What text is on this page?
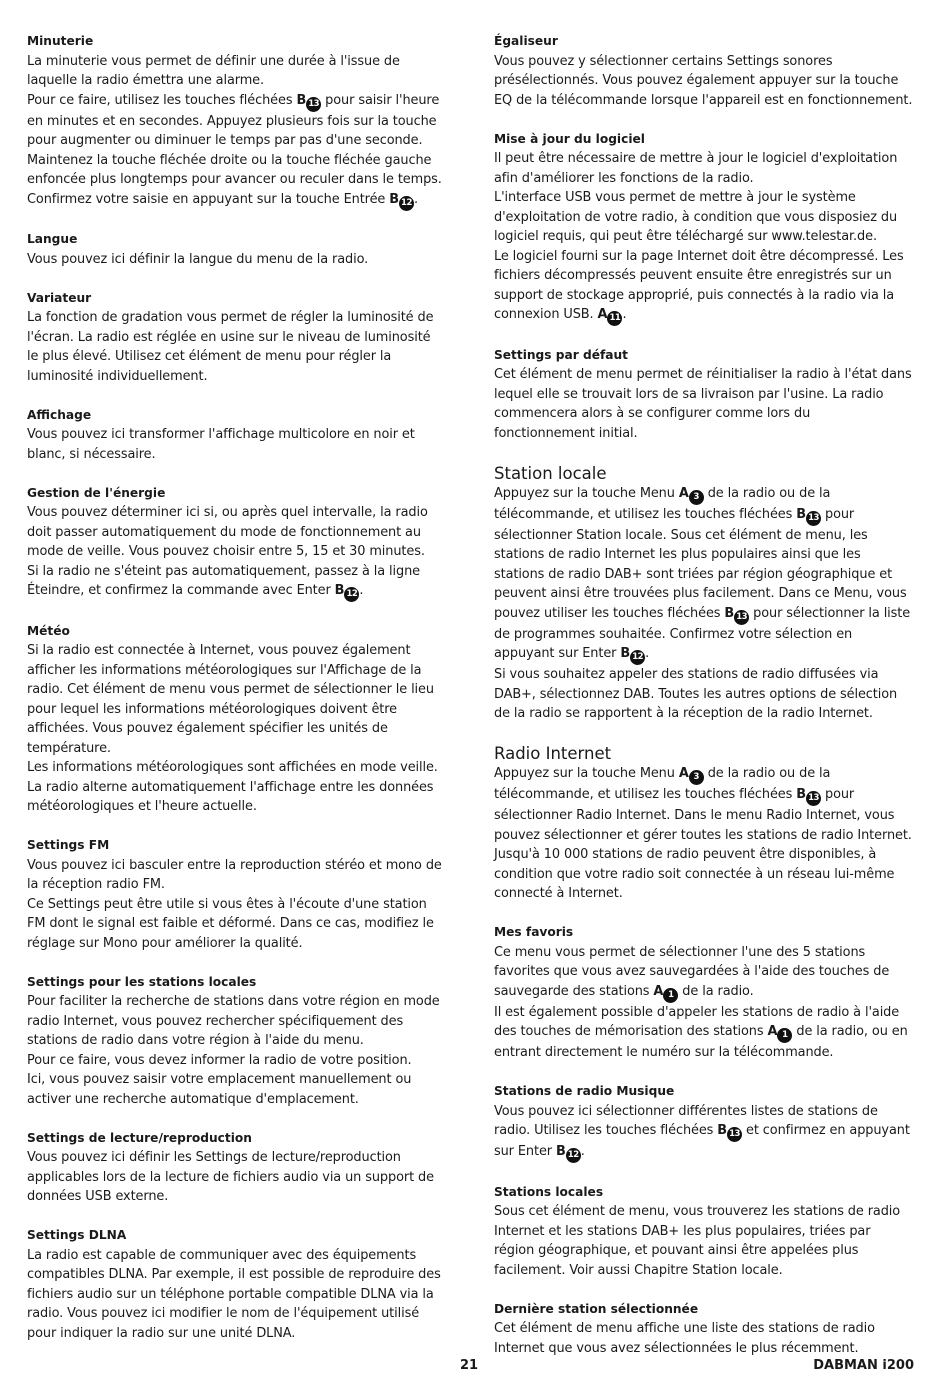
Minuterie

La minuterie vous permet de définir une durée à l'issue de laquelle la radio émettra une alarme.

Pour ce faire, utilisez les touches fléchées B 13 pour saisir l'heure en minutes et en secondes. Appuyez plusieurs fois sur la touche pour augmenter ou diminuer le temps par pas d'une seconde. Maintenez la touche fléchée droite ou la touche fléchée gauche enfoncée plus longtemps pour avancer ou reculer dans le temps.

Confirmez votre saisie en appuyant sur la touche Entrée B 12 .

Langue

Vous pouvez ici définir la langue du menu de la radio.

Variateur

La fonction de gradation vous permet de régler la luminosité de l'écran. La radio est réglée en usine sur le niveau de luminosité le plus élevé. Utilisez cet élément de menu pour régler la luminosité individuellement.

Affichage

Vous pouvez ici transformer l'affichage multicolore en noir et blanc, si nécessaire.

Gestion de l'énergie

Vous pouvez déterminer ici si, ou après quel intervalle, la radio doit passer automatiquement du mode de fonctionnement au mode de veille. Vous pouvez choisir entre 5, 15 et 30 minutes.

Si la radio ne s'éteint pas automatiquement, passez à la ligne Éteindre, et confirmez la commande avec Enter B 12 .

Météo

Si la radio est connectée à Internet, vous pouvez également afficher les informations météorologiques sur l'Affichage de la radio. Cet élément de menu vous permet de sélectionner le lieu pour lequel les informations météorologiques doivent être affichées. Vous pouvez également spécifier les unités de température.

Les informations météorologiques sont affichées en mode veille.

La radio alterne automatiquement l'affichage entre les données météorologiques et l'heure actuelle.

Settings FM

Vous pouvez ici basculer entre la reproduction stéréo et mono de la réception radio FM.

Ce Settings peut être utile si vous êtes à l'écoute d'une station FM dont le signal est faible et déformé. Dans ce cas, modifiez le réglage sur Mono pour améliorer la qualité.

Settings pour les stations locales

Pour faciliter la recherche de stations dans votre région en mode radio Internet, vous pouvez rechercher spécifiquement des stations de radio dans votre région à l'aide du menu.

Pour ce faire, vous devez informer la radio de votre position.

Ici, vous pouvez saisir votre emplacement manuellement ou activer une recherche automatique d'emplacement.

Settings de lecture/reproduction

Vous pouvez ici définir les Settings de lecture/reproduction applicables lors de la lecture de fichiers audio via un support de données USB externe.

Settings DLNA

La radio est capable de communiquer avec des équipements compatibles DLNA. Par exemple, il est possible de reproduire des fichiers audio sur un téléphone portable compatible DLNA via la radio. Vous pouvez ici modifier le nom de l'équipement utilisé pour indiquer la radio sur une unité DLNA.

Égaliseur

Vous pouvez y sélectionner certains Settings sonores présélectionnés. Vous pouvez également appuyer sur la touche EQ de la télécommande lorsque l'appareil est en fonctionnement.

Mise à jour du logiciel

Il peut être nécessaire de mettre à jour le logiciel d'exploitation afin d'améliorer les fonctions de la radio.

L'interface USB vous permet de mettre à jour le système d'exploitation de votre radio, à condition que vous disposiez du logiciel requis, qui peut être téléchargé sur www.telestar.de.

Le logiciel fourni sur la page Internet doit être décompressé. Les fichiers décompressés peuvent ensuite être enregistrés sur un support de stockage approprié, puis connectés à la radio via la connexion USB. A 11 .

Settings par défaut

Cet élément de menu permet de réinitialiser la radio à l'état dans lequel elle se trouvait lors de sa livraison par l'usine. La radio commencera alors à se configurer comme lors du fonctionnement initial.

Station locale

Appuyez sur la touche Menu A 3 de la radio ou de la télécommande, et utilisez les touches fléchées B 13 pour sélectionner Station locale. Sous cet élément de menu, les stations de radio Internet les plus populaires ainsi que les stations de radio DAB+ sont triées par région géographique et peuvent ainsi être trouvées plus facilement. Dans ce Menu, vous pouvez utiliser les touches fléchées B 13 pour sélectionner la liste de programmes souhaitée. Confirmez votre sélection en appuyant sur Enter B 12 .

Si vous souhaitez appeler des stations de radio diffusées via DAB+, sélectionnez DAB. Toutes les autres options de sélection de la radio se rapportent à la réception de la radio Internet.

Radio Internet

Appuyez sur la touche Menu A 3 de la radio ou de la télécommande, et utilisez les touches fléchées B 13 pour sélectionner Radio Internet. Dans le menu Radio Internet, vous pouvez sélectionner et gérer toutes les stations de radio Internet. Jusqu'à 10 000 stations de radio peuvent être disponibles, à condition que votre radio soit connectée à un réseau lui-même connecté à Internet.

Mes favoris

Ce menu vous permet de sélectionner l'une des 5 stations favorites que vous avez sauvegardées à l'aide des touches de sauvegarde des stations A 1 de la radio.

Il est également possible d'appeler les stations de radio à l'aide des touches de mémorisation des stations A 1 de la radio, ou en entrant directement le numéro sur la télécommande.

Stations de radio Musique

Vous pouvez ici sélectionner différentes listes de stations de radio. Utilisez les touches fléchées B 13 et confirmez en appuyant sur Enter B 12 .

Stations locales

Sous cet élément de menu, vous trouverez les stations de radio Internet et les stations DAB+ les plus populaires, triées par région géographique, et pouvant ainsi être appelées plus facilement. Voir aussi Chapitre Station locale.

Dernière station sélectionnée

Cet élément de menu affiche une liste des stations de radio Internet que vous avez sélectionnées le plus récemment.

21	DABMAN i200
